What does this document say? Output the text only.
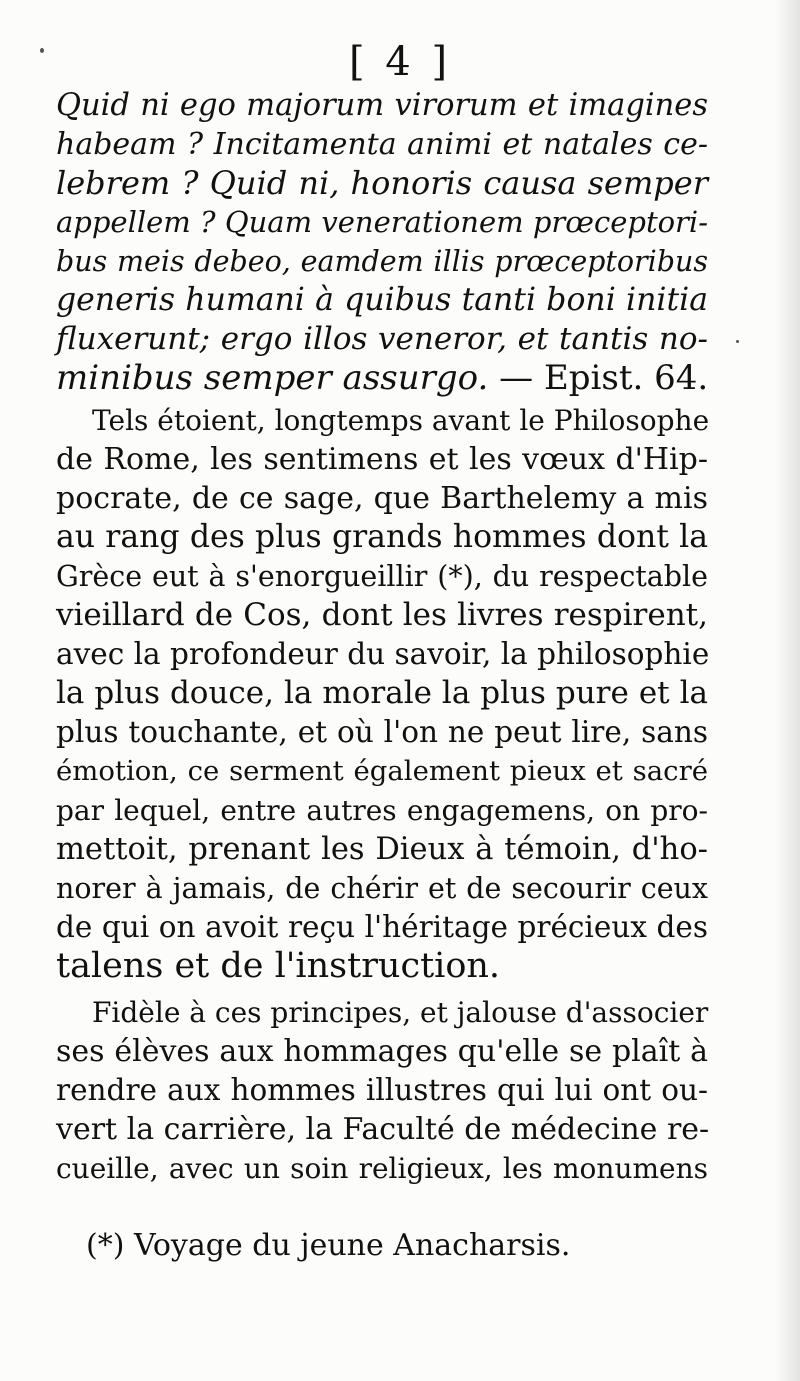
[ 4 ]
Quid ni ego majorum virorum et imagines
habeam ? Incitamenta animi et natales ce-
lebrem ? Quid ni, honoris causa semper
appellem ? Quam venerationem prœceptori-
bus meis debeo, eamdem illis prœceptoribus
generis humani à quibus tanti boni initia
fluxerunt; ergo illos veneror, et tantis no-
minibus semper assurgo. — Epist. 64.
Tels étoient, longtemps avant le Philosophe
de Rome, les sentimens et les vœux d'Hip-
pocrate, de ce sage, que Barthelemy a mis
au rang des plus grands hommes dont la
Grèce eut à s'enorgueillir (*), du respectable
vieillard de Cos, dont les livres respirent,
avec la profondeur du savoir, la philosophie
la plus douce, la morale la plus pure et la
plus touchante, et où l'on ne peut lire, sans
émotion, ce serment également pieux et sacré
par lequel, entre autres engagemens, on pro-
mettoit, prenant les Dieux à témoin, d'ho-
norer à jamais, de chérir et de secourir ceux
de qui on avoit reçu l'héritage précieux des
talens et de l'instruction.
Fidèle à ces principes, et jalouse d'associer
ses élèves aux hommages qu'elle se plaît à
rendre aux hommes illustres qui lui ont ou-
vert la carrière, la Faculté de médecine re-
cueille, avec un soin religieux, les monumens
(*) Voyage du jeune Anacharsis.
